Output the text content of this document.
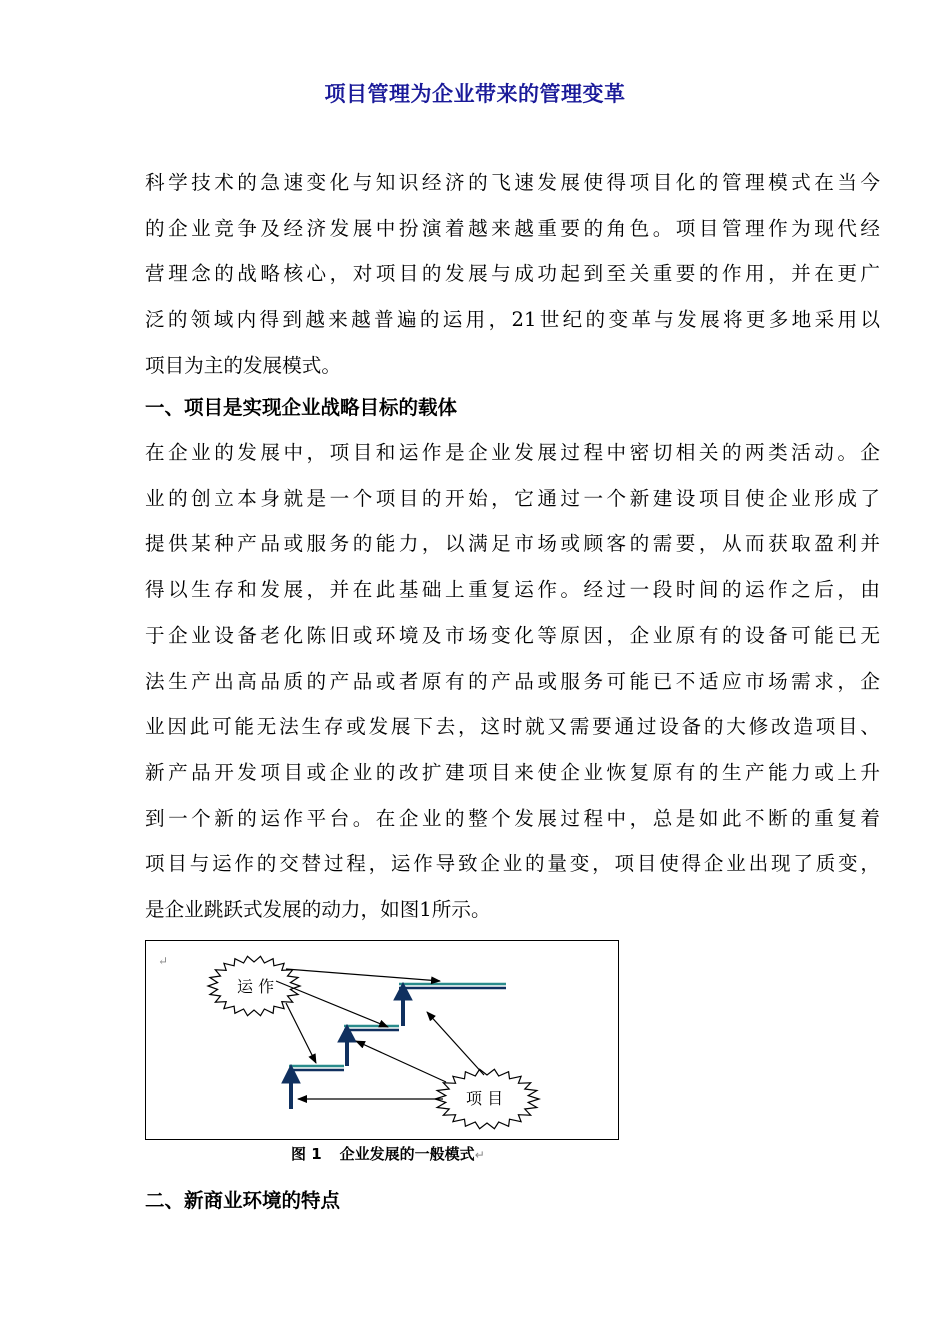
项目管理为企业带来的管理变革
科学技术的急速变化与知识经济的飞速发展使得项目化的管理模式在当今
的企业竞争及经济发展中扮演着越来越重要的角色。项目管理作为现代经
营理念的战略核心，对项目的发展与成功起到至关重要的作用，并在更广
泛的领域内得到越来越普遍的运用，21世纪的变革与发展将更多地采用以
项目为主的发展模式。
一、项目是实现企业战略目标的载体
在企业的发展中，项目和运作是企业发展过程中密切相关的两类活动。企
业的创立本身就是一个项目的开始，它通过一个新建设项目使企业形成了
提供某种产品或服务的能力，以满足市场或顾客的需要，从而获取盈利并
得以生存和发展，并在此基础上重复运作。经过一段时间的运作之后，由
于企业设备老化陈旧或环境及市场变化等原因，企业原有的设备可能已无
法生产出高品质的产品或者原有的产品或服务可能已不适应市场需求，企
业因此可能无法生存或发展下去，这时就又需要通过设备的大修改造项目、
新产品开发项目或企业的改扩建项目来使企业恢复原有的生产能力或上升
到一个新的运作平台。在企业的整个发展过程中，总是如此不断的重复着
项目与运作的交替过程，运作导致企业的量变，项目使得企业出现了质变，
是企业跳跃式发展的动力，如图1所示。
↵
运 作
项 目
图 1 企业发展的一般模式↵
二、新商业环境的特点
